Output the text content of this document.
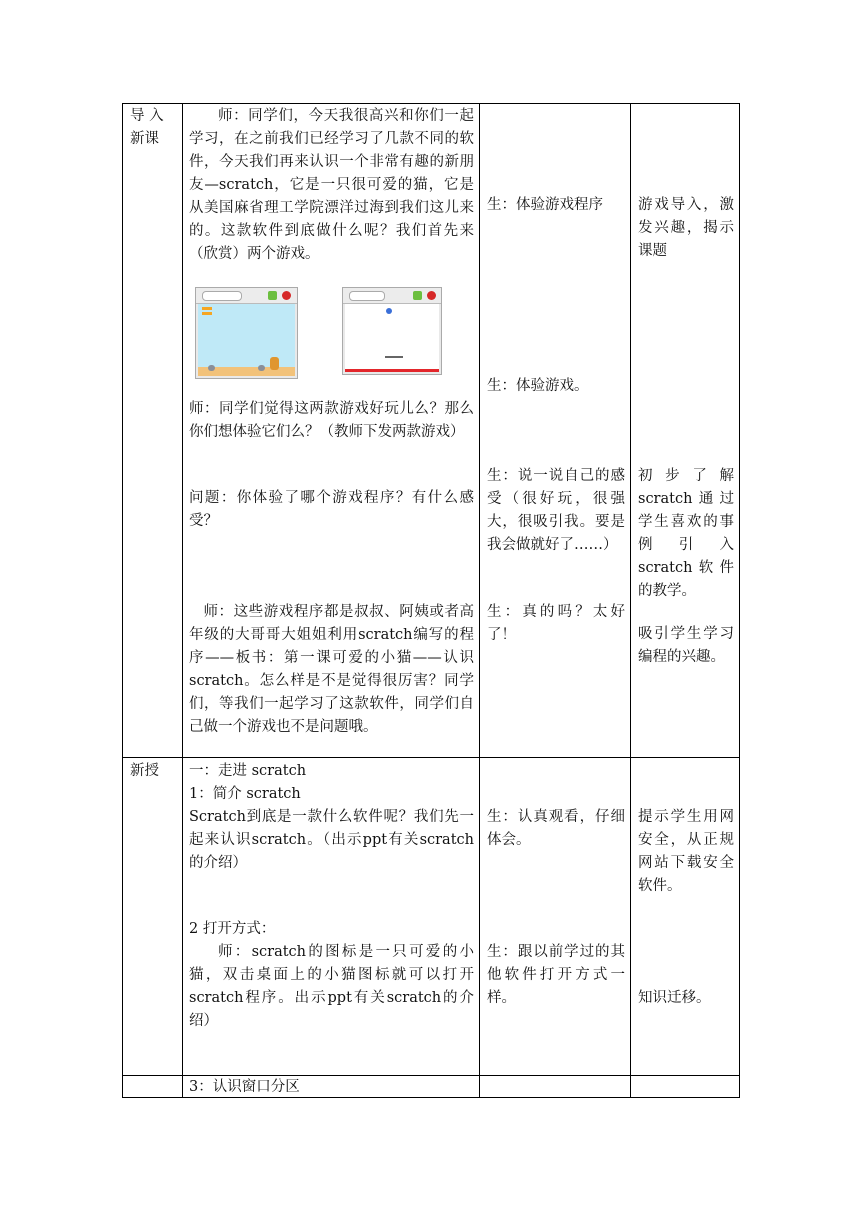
导 入
新课
师：同学们，今天我很高兴和你们一起学习，在之前我们已经学习了几款不同的软件，今天我们再来认识一个非常有趣的新朋友—scratch，它是一只很可爱的猫，它是从美国麻省理工学院漂洋过海到我们这儿来的。这款软件到底做什么呢？我们首先来（欣赏）两个游戏。
师：同学们觉得这两款游戏好玩儿么？那么你们想体验它们么？（教师下发两款游戏）
问题：你体验了哪个游戏程序？有什么感受？
师：这些游戏程序都是叔叔、阿姨或者高年级的大哥哥大姐姐利用scratch编写的程序——板书：第一课可爱的小猫——认识scratch。怎么样是不是觉得很厉害？同学们，等我们一起学习了这款软件，同学们自己做一个游戏也不是问题哦。
生：体验游戏程序
生：体验游戏。
生：说一说自己的感受（很好玩，很强大，很吸引我。要是我会做就好了……）
生：真的吗？太好了！
游戏导入，激发兴趣，揭示课题
初步了解scratch通过学生喜欢的事例引入scratch软件的教学。
吸引学生学习编程的兴趣。
新授	一：走进 scratch
1：简介 scratch
Scratch到底是一款什么软件呢？我们先一起来认识scratch。（出示ppt有关scratch的介绍）
2 打开方式：
师：scratch的图标是一只可爱的小猫，双击桌面上的小猫图标就可以打开scratch程序。出示ppt有关scratch的介绍）
生：认真观看，仔细体会。
生：跟以前学过的其他软件打开方式一样。
提示学生用网安全，从正规网站下载安全软件。
知识迁移。
3：认识窗口分区
